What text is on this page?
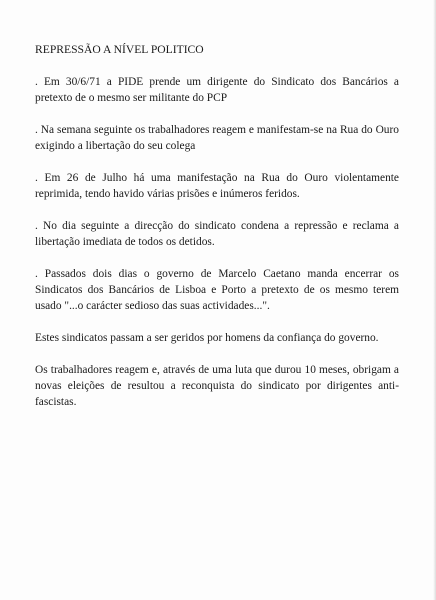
REPRESSÃO A NÍVEL POLITICO

. Em 30/6/71 a PIDE prende um dirigente do Sindicato dos Bancários a pretexto de o mesmo ser militante do PCP

. Na semana seguinte os trabalhadores reagem e manifestam-se na Rua do Ouro exigindo a libertação do seu colega

. Em 26 de Julho há uma manifestação na Rua do Ouro violentamente reprimida, tendo havido várias prisões e inúmeros feridos.

. No dia seguinte a direcção do sindicato condena a repressão e reclama a libertação imediata de todos os detidos.

. Passados dois dias o governo de Marcelo Caetano manda encerrar os Sindicatos dos Bancários de Lisboa e Porto a pretexto de os mesmo terem usado "...o carácter sedioso das suas actividades...".

Estes sindicatos passam a ser geridos por homens da confiança do governo.

Os trabalhadores reagem e, através de uma luta que durou 10 meses, obrigam a novas eleições de resultou a reconquista do sindicato por dirigentes anti-fascistas.
